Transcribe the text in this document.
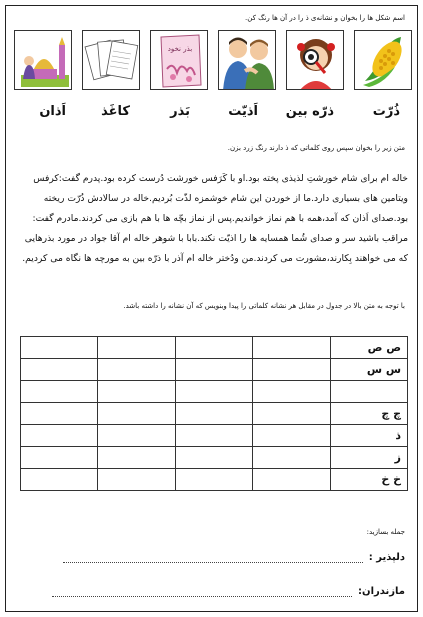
اسم شکل ها را بخوان و نشانه‌ی ذ را در آن ها رنگ کن.
بذر نخود
ذُرّت
ذرّه بین
اَذیّت
بَذر
کاغَذ
اَذان
متن زیر را بخوان سپس روی کلماتی که ذ دارند رنگ زرد بزن.

خاله ام برای شام خورشتِ لذیذی پخته بود.او با کَرَفس خورشت دُرست کرده بود.پدرم گفت:کرفس

ویتامین های بسیاری دارد.ما از خوردن این شام خوشمزه لذّت بُردیم.خاله در سالادش ذُرّت ریخته

بود.صدای اَذان که آمد،همه با هم نماز خواندیم.پس از نماز بچّه ها با هم بازی می کردند.مادرم گفت:

مراقب باشید سر و صدای شُما همسایه ها را اذیّت نکند.بابا با شوهر خاله ام آقا جواد در مورد بذرهایی

که می خواهند بِکارند،مشورت می کردند.من ودُختر خاله ام آذر با ذرّه بین به مورچه ها نگاه می کردیم.

با توجه به متن بالا در جدول در مقابل هر نشانه کلماتی را پیدا وبنویس که آن نشانه را داشته باشد.
ص ص				
س س				

چ چ				
ذ				
ز				
خ خ				
جمله بسازید:
دلپذیر :
مازندران:
